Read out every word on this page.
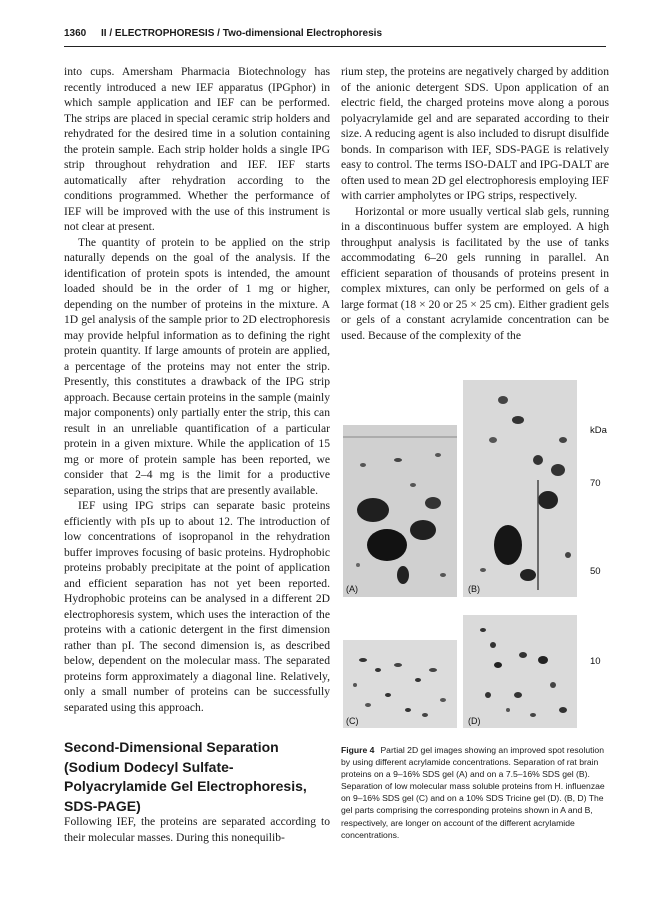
1360 II / ELECTROPHORESIS / Two-dimensional Electrophoresis

into cups. Amersham Pharmacia Biotechnology has recently introduced a new IEF apparatus (IPGphor) in which sample application and IEF can be performed. The strips are placed in special ceramic strip holders and rehydrated for the desired time in a solution containing the protein sample. Each strip holder holds a single IPG strip throughout rehydration and IEF. IEF starts automatically after rehydration according to the conditions programmed. Whether the performance of IEF will be improved with the use of this instrument is not clear at present.

The quantity of protein to be applied on the strip naturally depends on the goal of the analysis. If the identification of protein spots is intended, the amount loaded should be in the order of 1 mg or higher, depending on the number of proteins in the mixture. A 1D gel analysis of the sample prior to 2D electrophoresis may provide helpful information as to defining the right protein quantity. If large amounts of protein are applied, a percentage of the proteins may not enter the strip. Presently, this constitutes a drawback of the IPG strip approach. Because certain proteins in the sample (mainly major components) only partially enter the strip, this can result in an unreliable quantification of a particular protein in a given mixture. While the application of 15 mg or more of protein sample has been reported, we consider that 2–4 mg is the limit for a productive separation, using the strips that are presently available.

IEF using IPG strips can separate basic proteins efficiently with pIs up to about 12. The introduction of low concentrations of isopropanol in the rehydration buffer improves focusing of basic proteins. Hydrophobic proteins probably precipitate at the point of application and efficient separation has not yet been reported. Hydrophobic proteins can be analysed in a different 2D electrophoresis system, which uses the interaction of the proteins with a cationic detergent in the first dimension rather than pI. The second dimension is, as described below, dependent on the molecular mass. The separated proteins form approximately a diagonal line. Relatively, only a small number of proteins can be successfully separated using this approach.

Second-Dimensional Separation (Sodium Dodecyl Sulfate-Polyacrylamide Gel Electrophoresis, SDS-PAGE)
Following IEF, the proteins are separated according to their molecular masses. During this nonequilib-

rium step, the proteins are negatively charged by addition of the anionic detergent SDS. Upon application of an electric field, the charged proteins move along a porous polyacrylamide gel and are separated according to their size. A reducing agent is also included to disrupt disulfide bonds. In comparison with IEF, SDS-PAGE is relatively easy to control. The terms ISO-DALT and IPG-DALT are often used to mean 2D gel electrophoresis employing IEF with carrier ampholytes or IPG strips, respectively.

Horizontal or more usually vertical slab gels, running in a discontinuous buffer system are employed. A high throughput analysis is facilitated by the use of tanks accommodating 6–20 gels running in parallel. An efficient separation of thousands of proteins present in complex mixtures, can only be performed on gels of a large format (18 × 20 or 25 × 25 cm). Either gradient gels or gels of a constant acrylamide concentration can be used. Because of the complexity of the

(A)	(B)
(C)	(D)
kDa
70
50
10
Figure 4 Partial 2D gel images showing an improved spot resolution by using different acrylamide concentrations. Separation of rat brain proteins on a 9–16% SDS gel (A) and on a 7.5–16% SDS gel (B). Separation of low molecular mass soluble proteins from H. influenzae on 9–16% SDS gel (C) and on a 10% SDS Tricine gel (D). (B, D) The gel parts comprising the corresponding proteins shown in A and B, respectively, are longer on account of the different acrylamide concentrations.
